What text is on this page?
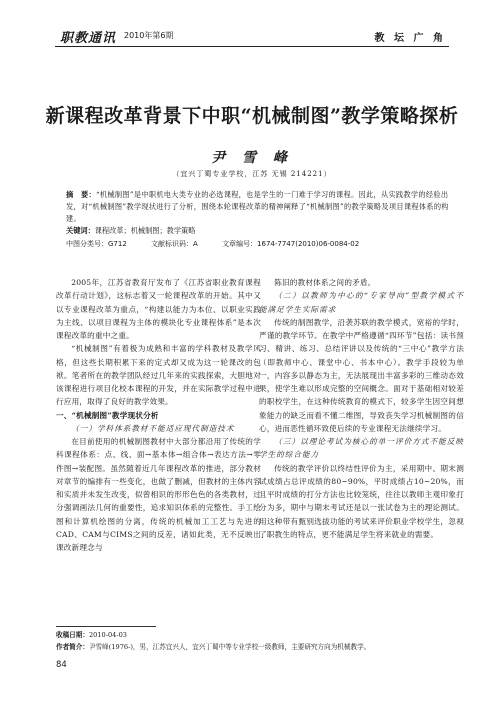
职教通讯 2010年第6期	教 坛 广 角
新课程改革背景下中职“机械制图”教学策略探析
尹 雪 峰
（宜兴丁蜀专业学校，江苏 无锡 214221）
摘　要：“机械制图”是中职机电大类专业的必选课程，也是学生的一门难于学习的课程。因此，从实践教学的经验出发，对“机械制图”教学现状进行了分析，围绕本轮课程改革的精神阐释了“机械制图”的教学策略及项目课程体系的构建。
关键词：课程改革；机械制图；教学策略
中图分类号：G712	文献标识码：A	文章编号：1674-7747(2010)06-0084-02

2005年，江苏省教育厅发布了《江苏省职业教育课程改革行动计划》，这标志着又一轮课程改革的开始。其中又以专业课程改革为重点，“构建以能力为本位、以职业实践为主线、以项目课程为主体的模块化专业课程体系”是本次课程改革的重中之重。

“机械制图”有着极为成熟和丰富的学科教材及教学风格，但这些长期积累下来的定式却又成为这一轮课改的包袱。笔者所在的教学团队经过几年来的实践探索，大胆地对该课程进行项目化校本课程的开发，并在实际教学过程中进行应用，取得了良好的教学效果。

一、“机械制图”教学现状分析

（一）学科体系教材不能适应现代制造技术

在目前使用的机械制图教材中大部分都沿用了传统的学科课程体系：点、线、面→基本体→组合体→表达方法→零件图→装配图。虽然随着近几年课程改革的推进，部分教材对章节的编排有一些变化，也做了删减，但教材的主体内容和实质并未发生改变，似曾相识的形形色色的各类教材，过分强调画法几何的重要性，追求知识体系的完整性。手工绘图和计算机绘图的分离，传统的机械加工工艺与先进的CAD、CAM与CIMS之间的反差，诸如此类，无不反映出课改新理念与

陈旧的教材体系之间的矛盾。

（二）以教师为中心的“专家导向”型教学模式不能满足学生实际需求

传统的制图教学，沿袭苏联的教学模式，宽裕的学时，严谨的教学环节。在教学中严格遵循“四环节”包括：读书预习、精讲、练习、总结评讲以及传统的“三中心”教学方法（即教师中心、课堂中心、书本中心）。教学手段较为单一，内容多以静态为主，无法展现出丰富多彩的三维动态效果，使学生难以形成完整的空间概念。面对于基础相对较差的职校学生，在这种传统教育的模式下，较多学生因空间想象能力的缺乏而看不懂二维图，导致丧失学习机械制图的信心，进而恶性循环致使后续的专业课程无法继续学习。

（三）以理论考试为核心的单一评价方式不能反映学生的综合能力

传统的教学评价以终结性评价为主，采用期中、期末测试成绩占总评成绩的80~90%，平时成绩占10~20%，而且平时成绩的打分方法也比较笼统，往往以教师主观印象打分为多，期中与期末考试还是以一张试卷为主的理论测试。用这种带有甄别选拔功能的考试来评价职业学校学生，忽视了职教生的特点，更不能满足学生将来就业的需要。

收稿日期：2010-04-03
作者简介：尹雪峰(1976-)，男，江苏宜兴人，宜兴丁蜀中等专业学校一级教师，主要研究方向为机械教学。
84
